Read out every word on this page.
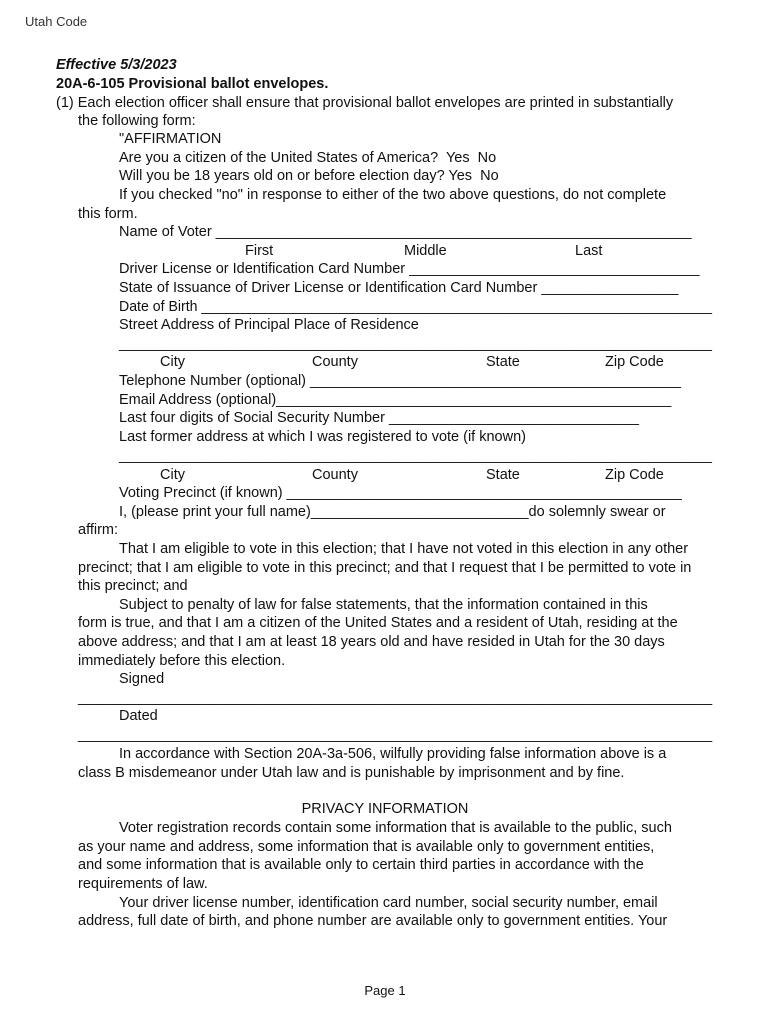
Utah Code
Effective 5/3/2023
20A-6-105 Provisional ballot envelopes.
(1) Each election officer shall ensure that provisional ballot envelopes are printed in substantially
the following form:
"AFFIRMATION
Are you a citizen of the United States of America?  Yes  No
Will you be 18 years old on or before election day? Yes  No
If you checked "no" in response to either of the two above questions, do not complete
this form.
Name of Voter ___________________________________________________________
First	Middle	Last
Driver License or Identification Card Number ____________________________________
State of Issuance of Driver License or Identification Card Number _________________
Date of Birth _________________________________________________________________
Street Address of Principal Place of Residence
_____________________________________________________________________________
City	County	State	Zip Code
Telephone Number (optional) ______________________________________________
Email Address (optional)_________________________________________________
Last four digits of Social Security Number _______________________________
Last former address at which I was registered to vote (if known)
_____________________________________________________________________________
City	County	State	Zip Code
Voting Precinct (if known) _________________________________________________
I, (please print your full name)___________________________do solemnly swear or
affirm:
That I am eligible to vote in this election; that I have not voted in this election in any other
precinct; that I am eligible to vote in this precinct; and that I request that I be permitted to vote in
this precinct; and
Subject to penalty of law for false statements, that the information contained in this
form is true, and that I am a citizen of the United States and a resident of Utah, residing at the
above address; and that I am at least 18 years old and have resided in Utah for the 30 days
immediately before this election.
Signed
________________________________________________________________________________
Dated
________________________________________________________________________________
In accordance with Section 20A-3a-506, wilfully providing false information above is a
class B misdemeanor under Utah law and is punishable by imprisonment and by fine.
PRIVACY INFORMATION
Voter registration records contain some information that is available to the public, such
as your name and address, some information that is available only to government entities,
and some information that is available only to certain third parties in accordance with the
requirements of law.
Your driver license number, identification card number, social security number, email
address, full date of birth, and phone number are available only to government entities. Your
Page 1
